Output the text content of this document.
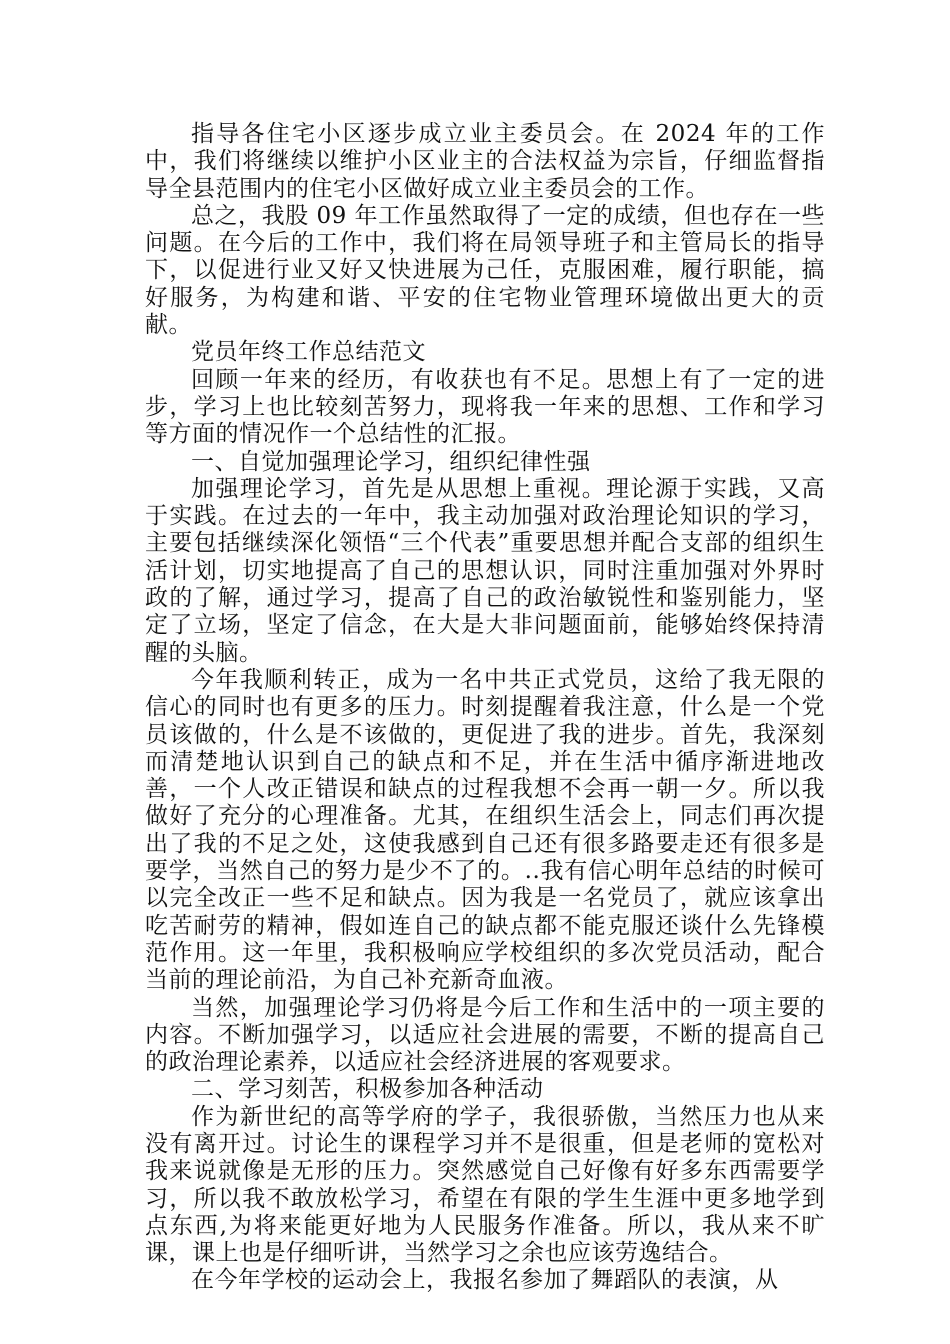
指导各住宅小区逐步成立业主委员会。在 2024 年的工作中，我们将继续以维护小区业主的合法权益为宗旨，仔细监督指导全县范围内的住宅小区做好成立业主委员会的工作。

总之，我股 09 年工作虽然取得了一定的成绩，但也存在一些问题。在今后的工作中，我们将在局领导班子和主管局长的指导下，以促进行业又好又快进展为己任，克服困难，履行职能，搞好服务，为构建和谐、平安的住宅物业管理环境做出更大的贡献。

党员年终工作总结范文

回顾一年来的经历，有收获也有不足。思想上有了一定的进步，学习上也比较刻苦努力，现将我一年来的思想、工作和学习等方面的情况作一个总结性的汇报。

一、自觉加强理论学习，组织纪律性强

加强理论学习，首先是从思想上重视。理论源于实践，又高于实践。在过去的一年中，我主动加强对政治理论知识的学习，主要包括继续深化领悟“三个代表”重要思想并配合支部的组织生活计划，切实地提高了自己的思想认识，同时注重加强对外界时政的了解，通过学习，提高了自己的政治敏锐性和鉴别能力，坚定了立场，坚定了信念，在大是大非问题面前，能够始终保持清醒的头脑。

今年我顺利转正，成为一名中共正式党员，这给了我无限的信心的同时也有更多的压力。时刻提醒着我注意，什么是一个党员该做的，什么是不该做的，更促进了我的进步。首先，我深刻而清楚地认识到自己的缺点和不足，并在生活中循序渐进地改善，一个人改正错误和缺点的过程我想不会再一朝一夕。所以我做好了充分的心理准备。尤其，在组织生活会上，同志们再次提出了我的不足之处，这使我感到自己还有很多路要走还有很多是要学，当然自己的努力是少不了的。..我有信心明年总结的时候可以完全改正一些不足和缺点。因为我是一名党员了，就应该拿出吃苦耐劳的精神，假如连自己的缺点都不能克服还谈什么先锋模范作用。这一年里，我积极响应学校组织的多次党员活动，配合当前的理论前沿，为自己补充新奇血液。

当然，加强理论学习仍将是今后工作和生活中的一项主要的内容。不断加强学习，以适应社会进展的需要，不断的提高自己的政治理论素养，以适应社会经济进展的客观要求。

二、学习刻苦，积极参加各种活动

作为新世纪的高等学府的学子，我很骄傲，当然压力也从来没有离开过。讨论生的课程学习并不是很重，但是老师的宽松对我来说就像是无形的压力。突然感觉自己好像有好多东西需要学习，所以我不敢放松学习，希望在有限的学生生涯中更多地学到点东西,为将来能更好地为人民服务作准备。所以，我从来不旷课，课上也是仔细听讲，当然学习之余也应该劳逸结合。

在今年学校的运动会上，我报名参加了舞蹈队的表演，从
